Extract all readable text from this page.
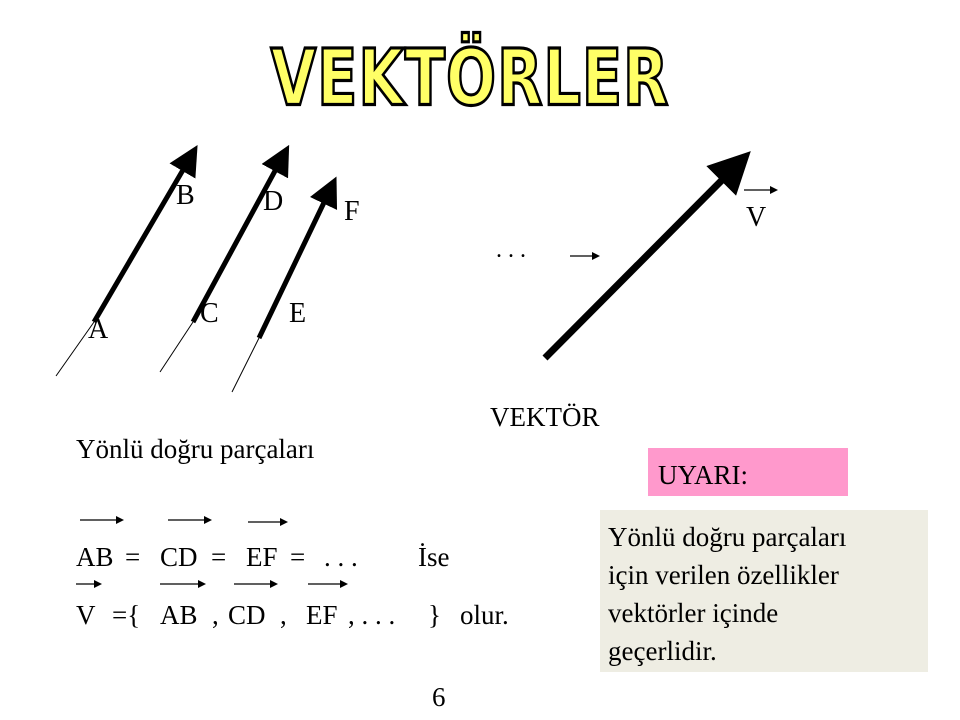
VEKTÖRLER
B D F
A
C	E
V
. . .
VEKTÖR
Yönlü doğru parçaları
AB = CD = EF = . . . İse
V ={ AB , CD , EF , . . . } olur.
UYARI:
Yönlü doğru parçaları
için verilen özellikler
vektörler içinde
geçerlidir.
6
